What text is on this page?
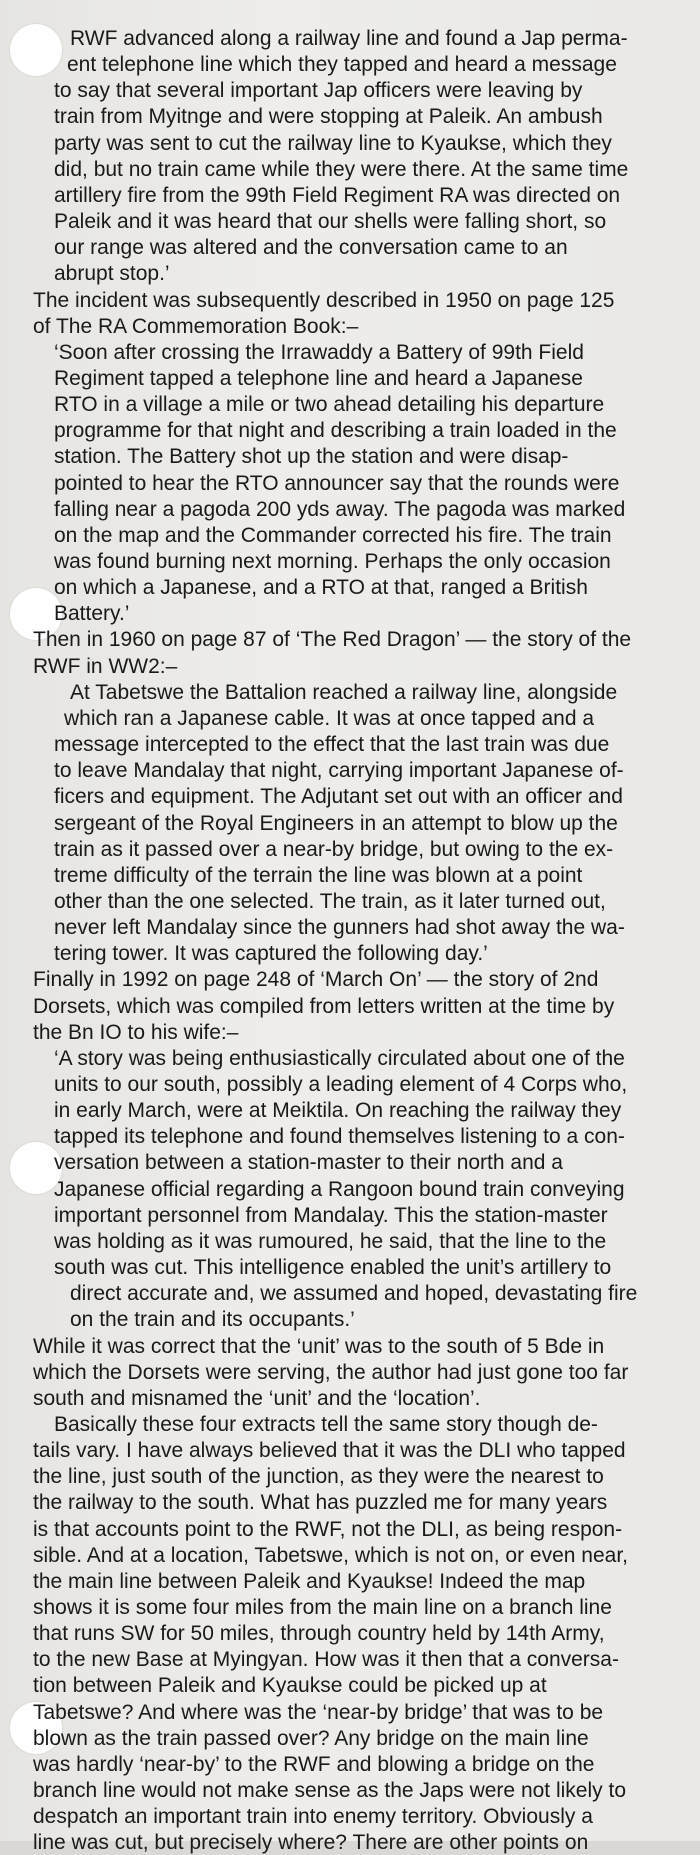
RWF advanced along a railway line and found a Jap perma-
ent telephone line which they tapped and heard a message
to say that several important Jap officers were leaving by
train from Myitnge and were stopping at Paleik. An ambush
party was sent to cut the railway line to Kyaukse, which they
did, but no train came while they were there. At the same time
artillery fire from the 99th Field Regiment RA was directed on
Paleik and it was heard that our shells were falling short, so
our range was altered and the conversation came to an
abrupt stop.’
The incident was subsequently described in 1950 on page 125
of The RA Commemoration Book:–
‘Soon after crossing the Irrawaddy a Battery of 99th Field
Regiment tapped a telephone line and heard a Japanese
RTO in a village a mile or two ahead detailing his departure
programme for that night and describing a train loaded in the
station. The Battery shot up the station and were disap-
pointed to hear the RTO announcer say that the rounds were
falling near a pagoda 200 yds away. The pagoda was marked
on the map and the Commander corrected his fire. The train
was found burning next morning. Perhaps the only occasion
on which a Japanese, and a RTO at that, ranged a British
Battery.’
Then in 1960 on page 87 of ‘The Red Dragon’ — the story of the
RWF in WW2:–
At Tabetswe the Battalion reached a railway line, alongside
which ran a Japanese cable. It was at once tapped and a
message intercepted to the effect that the last train was due
to leave Mandalay that night, carrying important Japanese of-
ficers and equipment. The Adjutant set out with an officer and
sergeant of the Royal Engineers in an attempt to blow up the
train as it passed over a near-by bridge, but owing to the ex-
treme difficulty of the terrain the line was blown at a point
other than the one selected. The train, as it later turned out,
never left Mandalay since the gunners had shot away the wa-
tering tower. It was captured the following day.’
Finally in 1992 on page 248 of ‘March On’ — the story of 2nd
Dorsets, which was compiled from letters written at the time by
the Bn IO to his wife:–
‘A story was being enthusiastically circulated about one of the
units to our south, possibly a leading element of 4 Corps who,
in early March, were at Meiktila. On reaching the railway they
tapped its telephone and found themselves listening to a con-
versation between a station-master to their north and a
Japanese official regarding a Rangoon bound train conveying
important personnel from Mandalay. This the station-master
was holding as it was rumoured, he said, that the line to the
south was cut. This intelligence enabled the unit’s artillery to
direct accurate and, we assumed and hoped, devastating fire
on the train and its occupants.’
While it was correct that the ‘unit’ was to the south of 5 Bde in
which the Dorsets were serving, the author had just gone too far
south and misnamed the ‘unit’ and the ‘location’.
Basically these four extracts tell the same story though de-
tails vary. I have always believed that it was the DLI who tapped
the line, just south of the junction, as they were the nearest to
the railway to the south. What has puzzled me for many years
is that accounts point to the RWF, not the DLI, as being respon-
sible. And at a location, Tabetswe, which is not on, or even near,
the main line between Paleik and Kyaukse! Indeed the map
shows it is some four miles from the main line on a branch line
that runs SW for 50 miles, through country held by 14th Army,
to the new Base at Myingyan. How was it then that a conversa-
tion between Paleik and Kyaukse could be picked up at
Tabetswe? And where was the ‘near-by bridge’ that was to be
blown as the train passed over? Any bridge on the main line
was hardly ‘near-by’ to the RWF and blowing a bridge on the
branch line would not make sense as the Japs were not likely to
despatch an important train into enemy territory. Obviously a
line was cut, but precisely where? There are other points on
